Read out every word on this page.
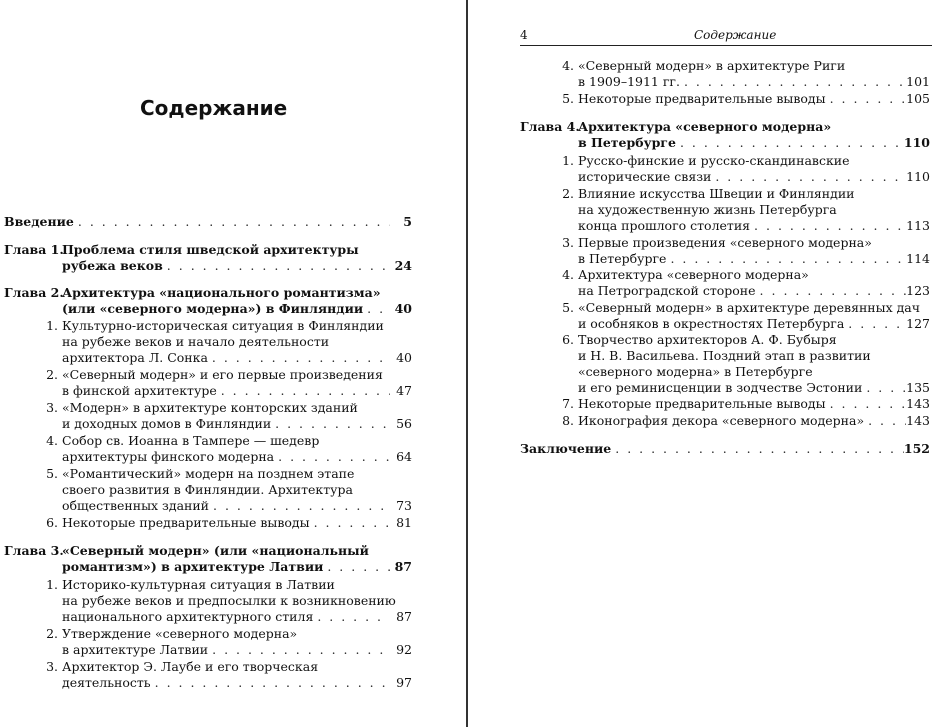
Содержание
Введение . . .	5
Глава 1.
Проблема стиля шведской архитектуры
рубежа веков . . .	24
Глава 2.
Архитектура «национального романтизма»
(или «северного модерна») в Финляндии . . .	40
1. Культурно-историческая ситуация в Финляндии
на рубеже веков и начало деятельности
архитектора Л. Сонка . . .	40
2. «Северный модерн» и его первые произведения
в финской архитектуре . . .	47
3. «Модерн» в архитектуре конторских зданий
и доходных домов в Финляндии . . .	56
4. Собор св. Иоанна в Тампере — шедевр
архитектуры финского модерна . . .	64
5. «Романтический» модерн на позднем этапе
своего развития в Финляндии. Архитектура
общественных зданий . . .	73
6. Некоторые предварительные выводы . . .	81
Глава 3.
«Северный модерн» (или «национальный
романтизм») в архитектуре Латвии . . .	87
1. Историко-культурная ситуация в Латвии
на рубеже веков и предпосылки к возникновению
национального архитектурного стиля . . .	87
2. Утверждение «северного модерна»
в архитектуре Латвии . . .	92
3. Архитектор Э. Лаубе и его творческая
деятельность . . .	97
4	Содержание
4. «Северный модерн» в архитектуре Риги
в 1909–1911 гг. . . .	101
5. Некоторые предварительные выводы . . .	105
Глава 4.
Архитектура «северного модерна»
в Петербурге . . .	110
1. Русско-финские и русско-скандинавские
исторические связи . . .	110
2. Влияние искусства Швеции и Финляндии
на художественную жизнь Петербурга
конца прошлого столетия . . .	113
3. Первые произведения «северного модерна»
в Петербурге . . .	114
4. Архитектура «северного модерна»
на Петроградской стороне . . .	123
5. «Северный модерн» в архитектуре деревянных дач
и особняков в окрестностях Петербурга . . .	127
6. Творчество архитекторов А. Ф. Бубыря
и Н. В. Васильева. Поздний этап в развитии
«северного модерна» в Петербурге
и его реминисценции в зодчестве Эстонии . . .	135
7. Некоторые предварительные выводы . . .	143
8. Иконография декора «северного модерна» . . .	143
Заключение . . .	152
